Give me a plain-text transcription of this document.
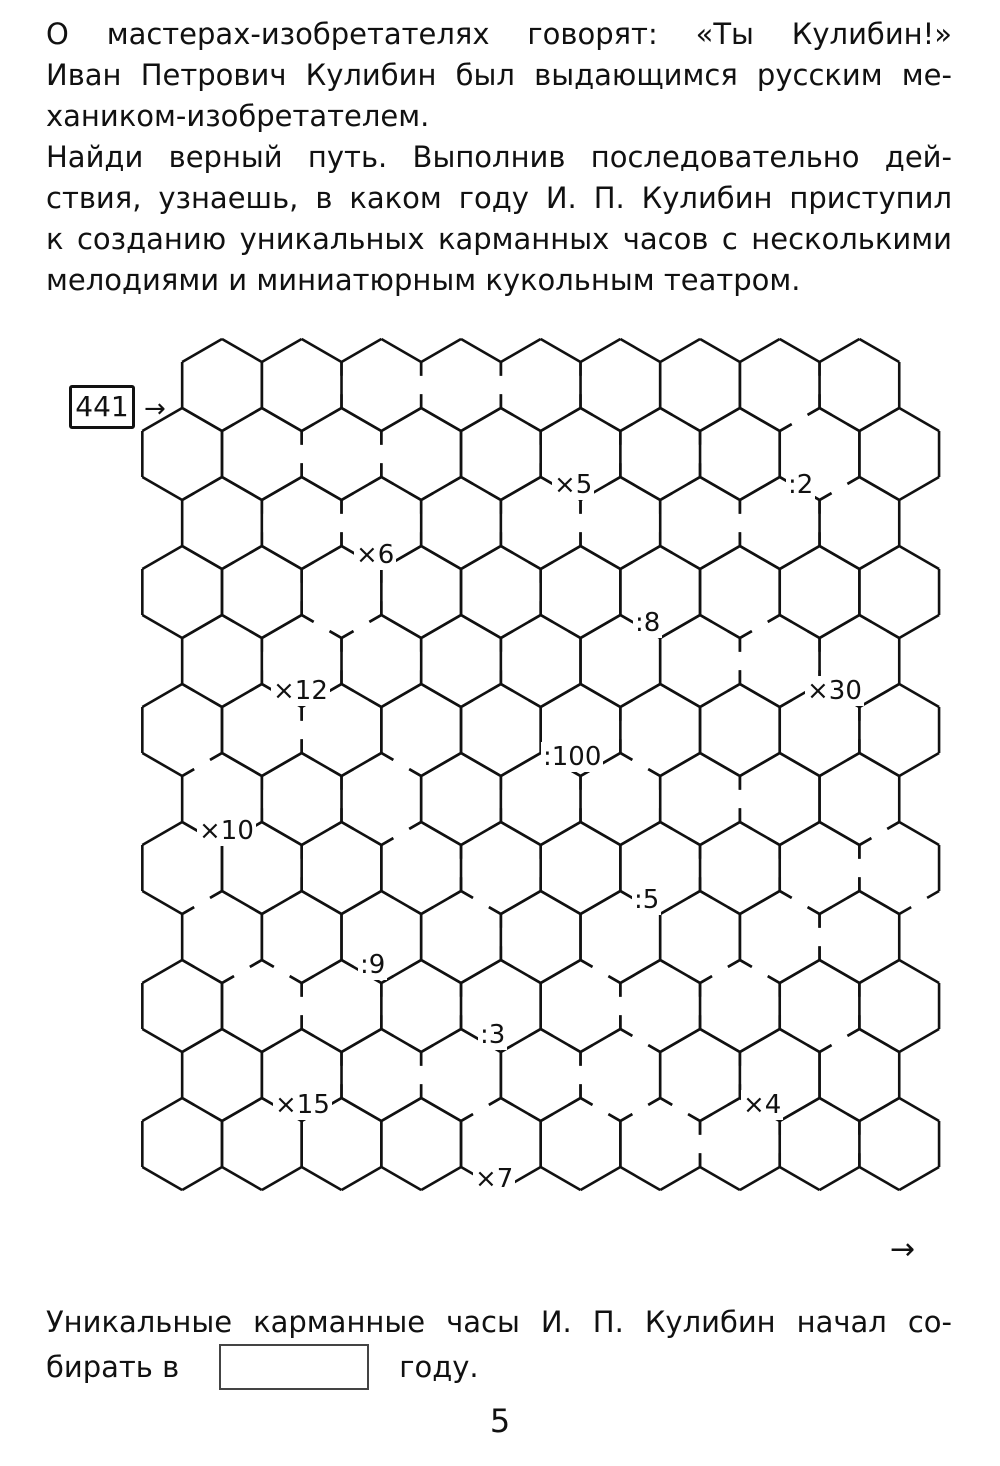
О мастерах-изобретателях говорят: «Ты Кулибин!»

Иван Петрович Кулибин был выдающимся русским ме-

хаником-изобретателем.

Найди верный путь. Выполнив последовательно дей-

ствия, узнаешь, в каком году И. П. Кулибин приступил

к созданию уникальных карманных часов с несколькими

мелодиями и миниатюрным кукольным театром.

441 →
→
:2
×5
×6
:8
×12	×30
:100
×10
:5
:9
:3
×15	×4
×7

Уникальные карманные часы И. П. Кулибин начал со-

бирать в	году.
5
